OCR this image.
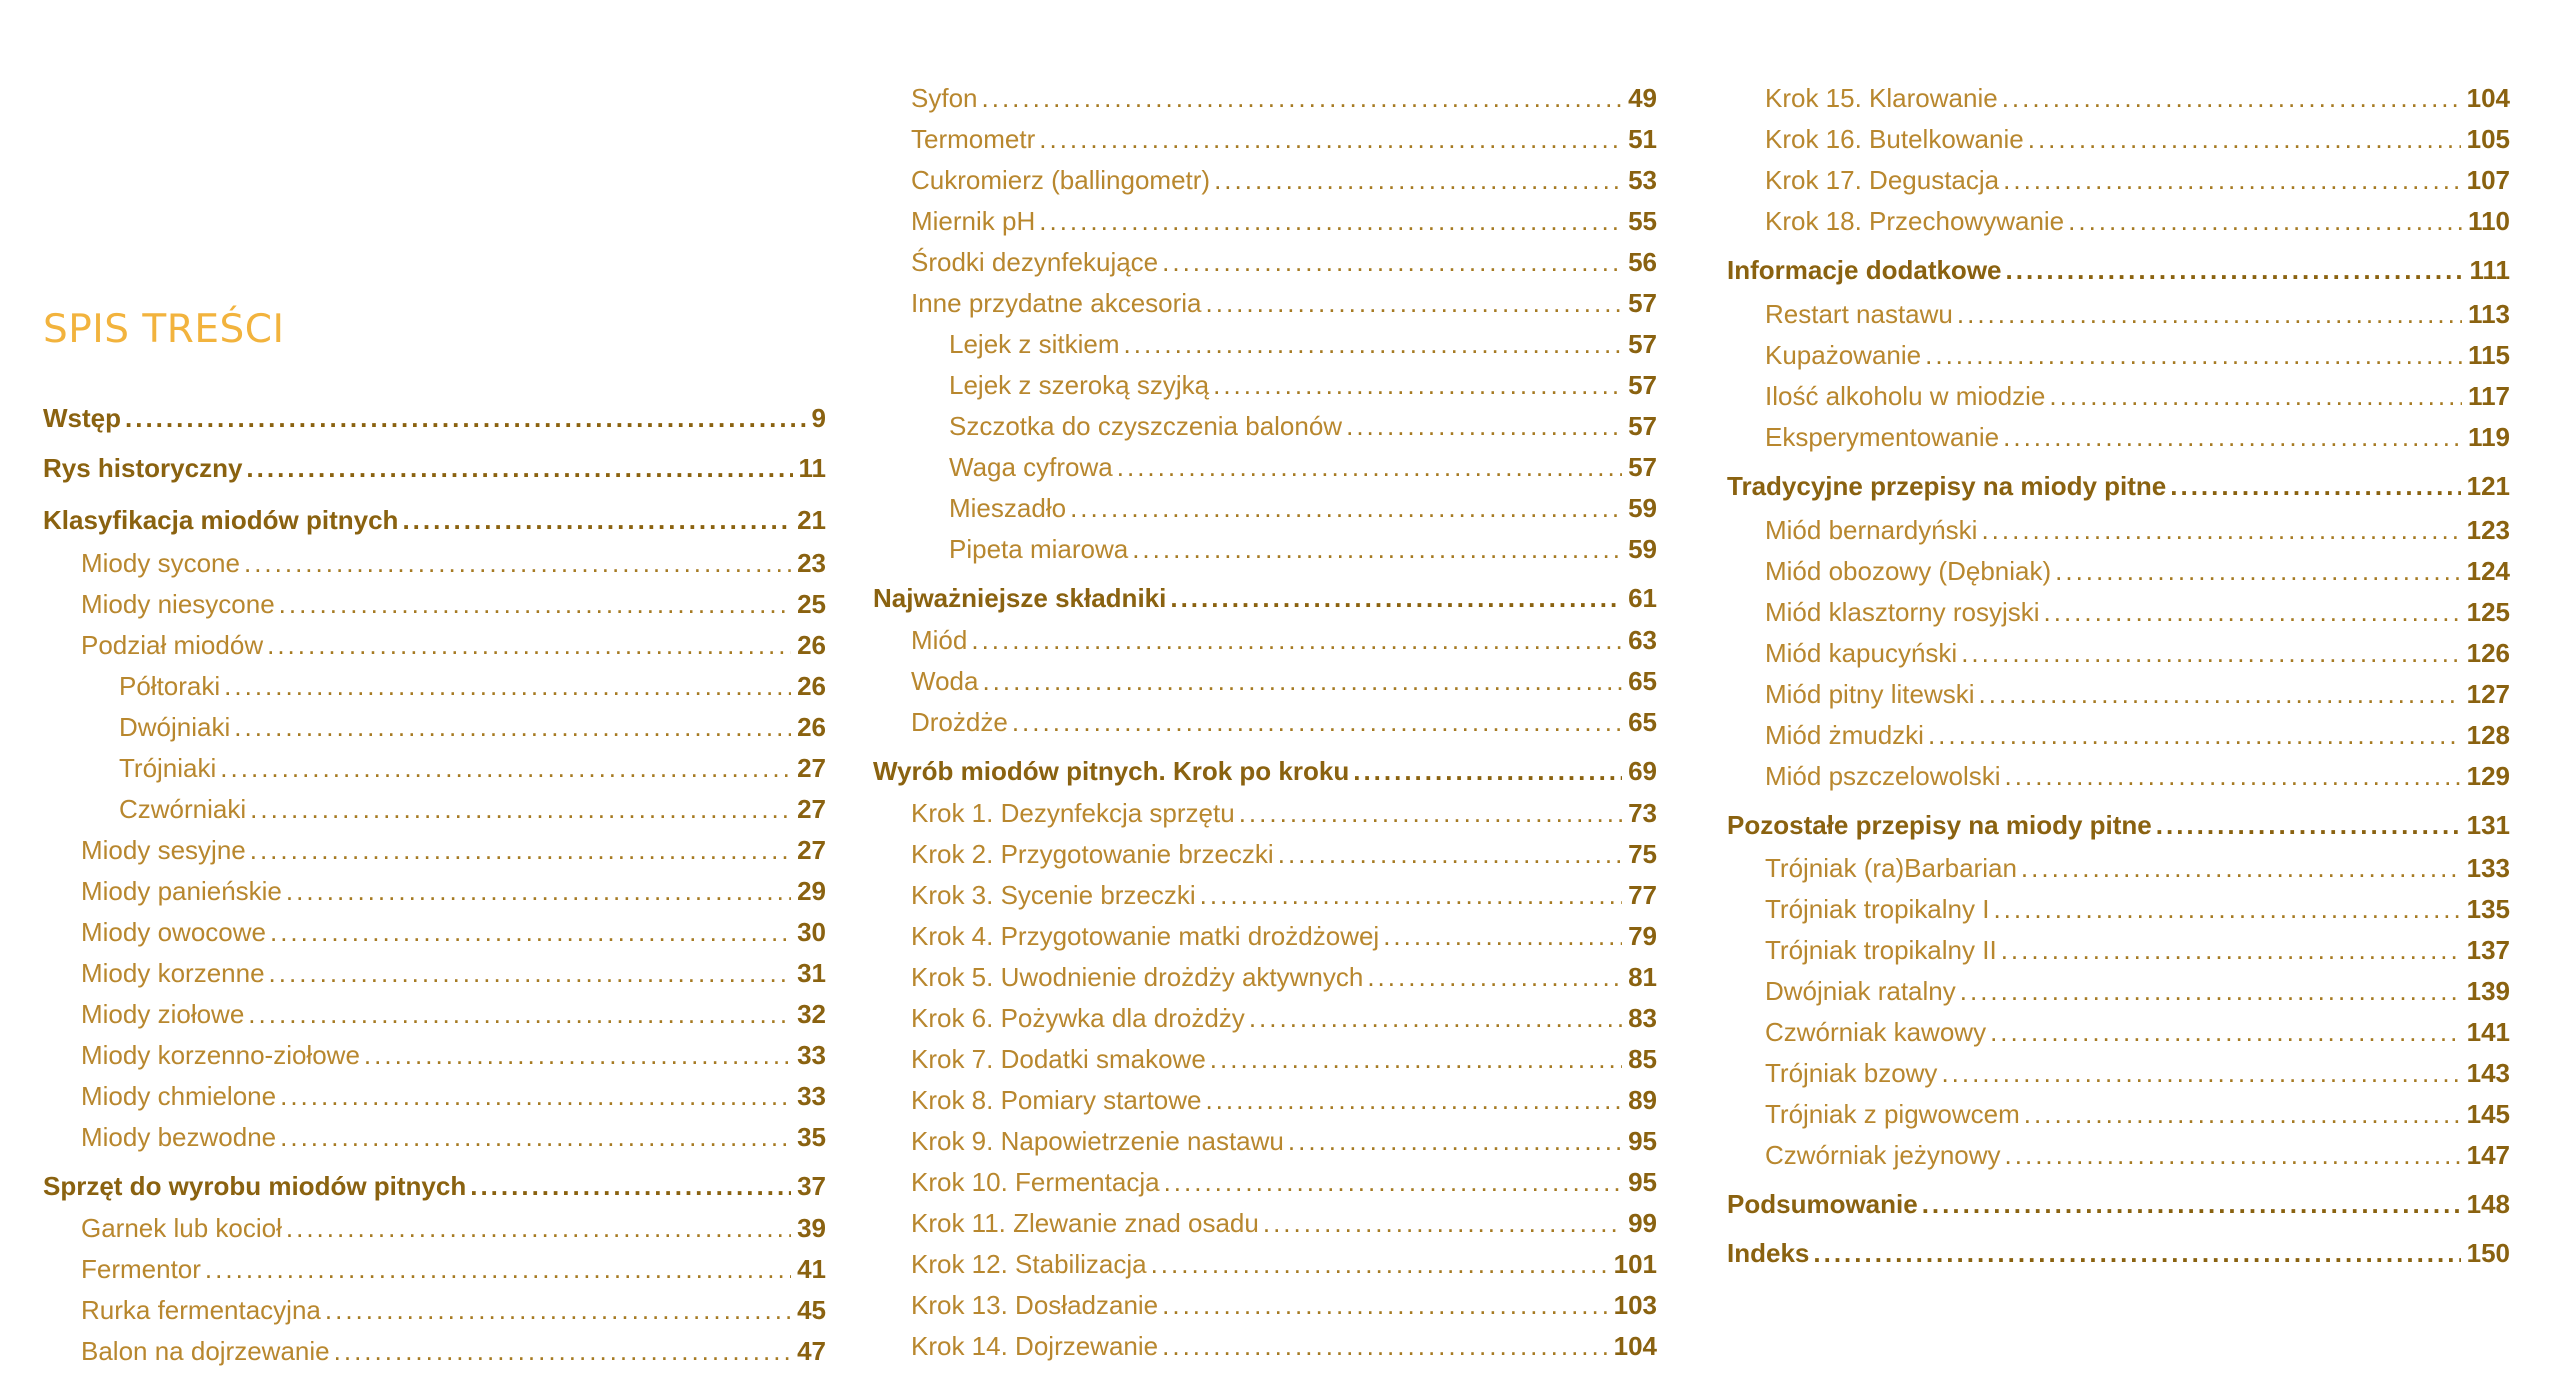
SPIS TREŚCI
Wstęp .....	9
Rys historyczny .....	11
Klasyfikacja miodów pitnych .....	21
Miody sycone .....	23
Miody niesycone .....	25
Podział miodów .....	26
Półtoraki .....	26
Dwójniaki .....	26
Trójniaki .....	27
Czwórniaki .....	27
Miody sesyjne .....	27
Miody panieńskie .....	29
Miody owocowe .....	30
Miody korzenne .....	31
Miody ziołowe .....	32
Miody korzenno-ziołowe .....	33
Miody chmielone .....	33
Miody bezwodne .....	35
Sprzęt do wyrobu miodów pitnych .....	37
Garnek lub kocioł .....	39
Fermentor .....	41
Rurka fermentacyjna .....	45
Balon na dojrzewanie .....	47
Syfon .....	49
Termometr .....	51
Cukromierz (ballingometr) .....	53
Miernik pH .....	55
Środki dezynfekujące .....	56
Inne przydatne akcesoria .....	57
Lejek z sitkiem .....	57
Lejek z szeroką szyjką .....	57
Szczotka do czyszczenia balonów .....	57
Waga cyfrowa .....	57
Mieszadło .....	59
Pipeta miarowa .....	59
Najważniejsze składniki .....	61
Miód .....	63
Woda .....	65
Drożdże .....	65
Wyrób miodów pitnych. Krok po kroku .....	69
Krok 1. Dezynfekcja sprzętu .....	73
Krok 2. Przygotowanie brzeczki .....	75
Krok 3. Sycenie brzeczki .....	77
Krok 4. Przygotowanie matki drożdżowej .....	79
Krok 5. Uwodnienie drożdży aktywnych .....	81
Krok 6. Pożywka dla drożdży .....	83
Krok 7. Dodatki smakowe .....	85
Krok 8. Pomiary startowe .....	89
Krok 9. Napowietrzenie nastawu .....	95
Krok 10. Fermentacja .....	95
Krok 11. Zlewanie znad osadu .....	99
Krok 12. Stabilizacja .....	101
Krok 13. Dosładzanie .....	103
Krok 14. Dojrzewanie .....	104
Krok 15. Klarowanie .....	104
Krok 16. Butelkowanie .....	105
Krok 17. Degustacja .....	107
Krok 18. Przechowywanie .....	110
Informacje dodatkowe .....	111
Restart nastawu .....	113
Kupażowanie .....	115
Ilość alkoholu w miodzie .....	117
Eksperymentowanie .....	119
Tradycyjne przepisy na miody pitne .....	121
Miód bernardyński .....	123
Miód obozowy (Dębniak) .....	124
Miód klasztorny rosyjski .....	125
Miód kapucyński .....	126
Miód pitny litewski .....	127
Miód żmudzki .....	128
Miód pszczelowolski .....	129
Pozostałe przepisy na miody pitne .....	131
Trójniak (ra)Barbarian .....	133
Trójniak tropikalny I .....	135
Trójniak tropikalny II .....	137
Dwójniak ratalny .....	139
Czwórniak kawowy .....	141
Trójniak bzowy .....	143
Trójniak z pigwowcem .....	145
Czwórniak jeżynowy .....	147
Podsumowanie .....	148
Indeks .....	150
